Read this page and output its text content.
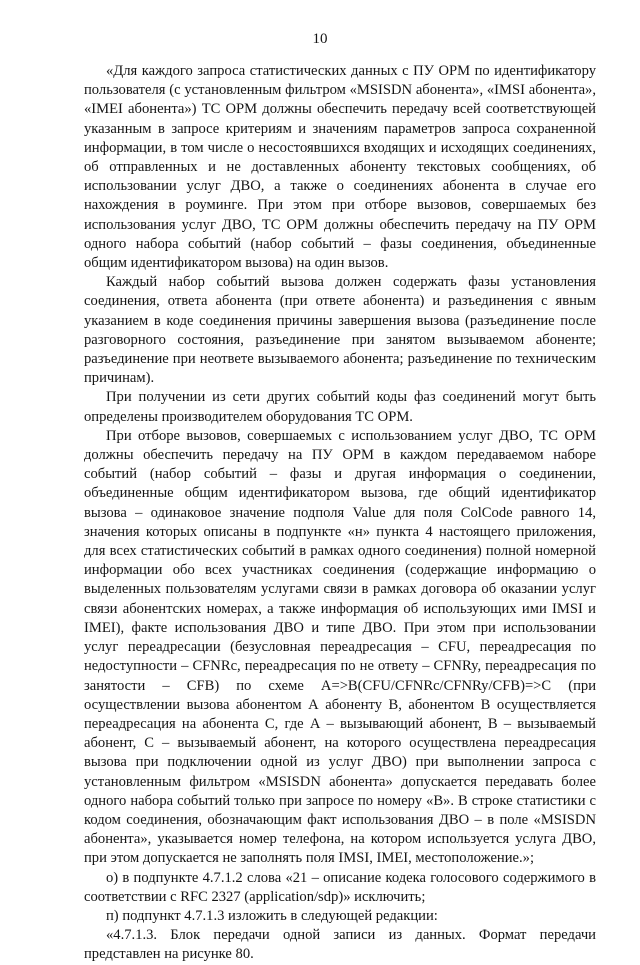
10

«Для каждого запроса статистических данных с ПУ ОРМ по идентификатору пользователя (с установленным фильтром «MSISDN абонента», «IMSI абонента», «IMEI абонента») ТС ОРМ должны обеспечить передачу всей соответствующей указанным в запросе критериям и значениям параметров запроса сохраненной информации, в том числе о несостоявшихся входящих и исходящих соединениях, об отправленных и не доставленных абоненту текстовых сообщениях, об использовании услуг ДВО, а также о соединениях абонента в случае его нахождения в роуминге. При этом при отборе вызовов, совершаемых без использования услуг ДВО, ТС ОРМ должны обеспечить передачу на ПУ ОРМ одного набора событий (набор событий – фазы соединения, объединенные общим идентификатором вызова) на один вызов.

Каждый набор событий вызова должен содержать фазы установления соединения, ответа абонента (при ответе абонента) и разъединения с явным указанием в коде соединения причины завершения вызова (разъединение после разговорного состояния, разъединение при занятом вызываемом абоненте; разъединение при неответе вызываемого абонента; разъединение по техническим причинам).

При получении из сети других событий коды фаз соединений могут быть определены производителем оборудования ТС ОРМ.

При отборе вызовов, совершаемых с использованием услуг ДВО, ТС ОРМ должны обеспечить передачу на ПУ ОРМ в каждом передаваемом наборе событий (набор событий – фазы и другая информация о соединении, объединенные общим идентификатором вызова, где общий идентификатор вызова – одинаковое значение подполя Value для поля ColCode равного 14, значения которых описаны в подпункте «н» пункта 4 настоящего приложения, для всех статистических событий в рамках одного соединения) полной номерной информации обо всех участниках соединения (содержащие информацию о выделенных пользователям услугами связи в рамках договора об оказании услуг связи абонентских номерах, а также информация об использующих ими IMSI и IMEI), факте использования ДВО и типе ДВО. При этом при использовании услуг переадресации (безусловная переадресация – CFU, переадресация по недоступности – CFNRc, переадресация по не ответу – CFNRy, переадресация по занятости – CFB) по схеме A=>B(CFU/CFNRc/CFNRy/CFB)=>C (при осуществлении вызова абонентом А абоненту В, абонентом В осуществляется переадресация на абонента С, где А – вызывающий абонент, В – вызываемый абонент, С – вызываемый абонент, на которого осуществлена переадресация вызова при подключении одной из услуг ДВО) при выполнении запроса с установленным фильтром «MSISDN абонента» допускается передавать более одного набора событий только при запросе по номеру «В». В строке статистики с кодом соединения, обозначающим факт использования ДВО – в поле «MSISDN абонента», указывается номер телефона, на котором используется услуга ДВО, при этом допускается не заполнять поля IMSI, IMEI, местоположение.»;

о) в подпункте 4.7.1.2 слова «21 – описание кодека голосового содержимого в соответствии с RFC 2327 (application/sdp)» исключить;

п) подпункт 4.7.1.3 изложить в следующей редакции:

«4.7.1.3. Блок передачи одной записи из данных. Формат передачи представлен на рисунке 80.
